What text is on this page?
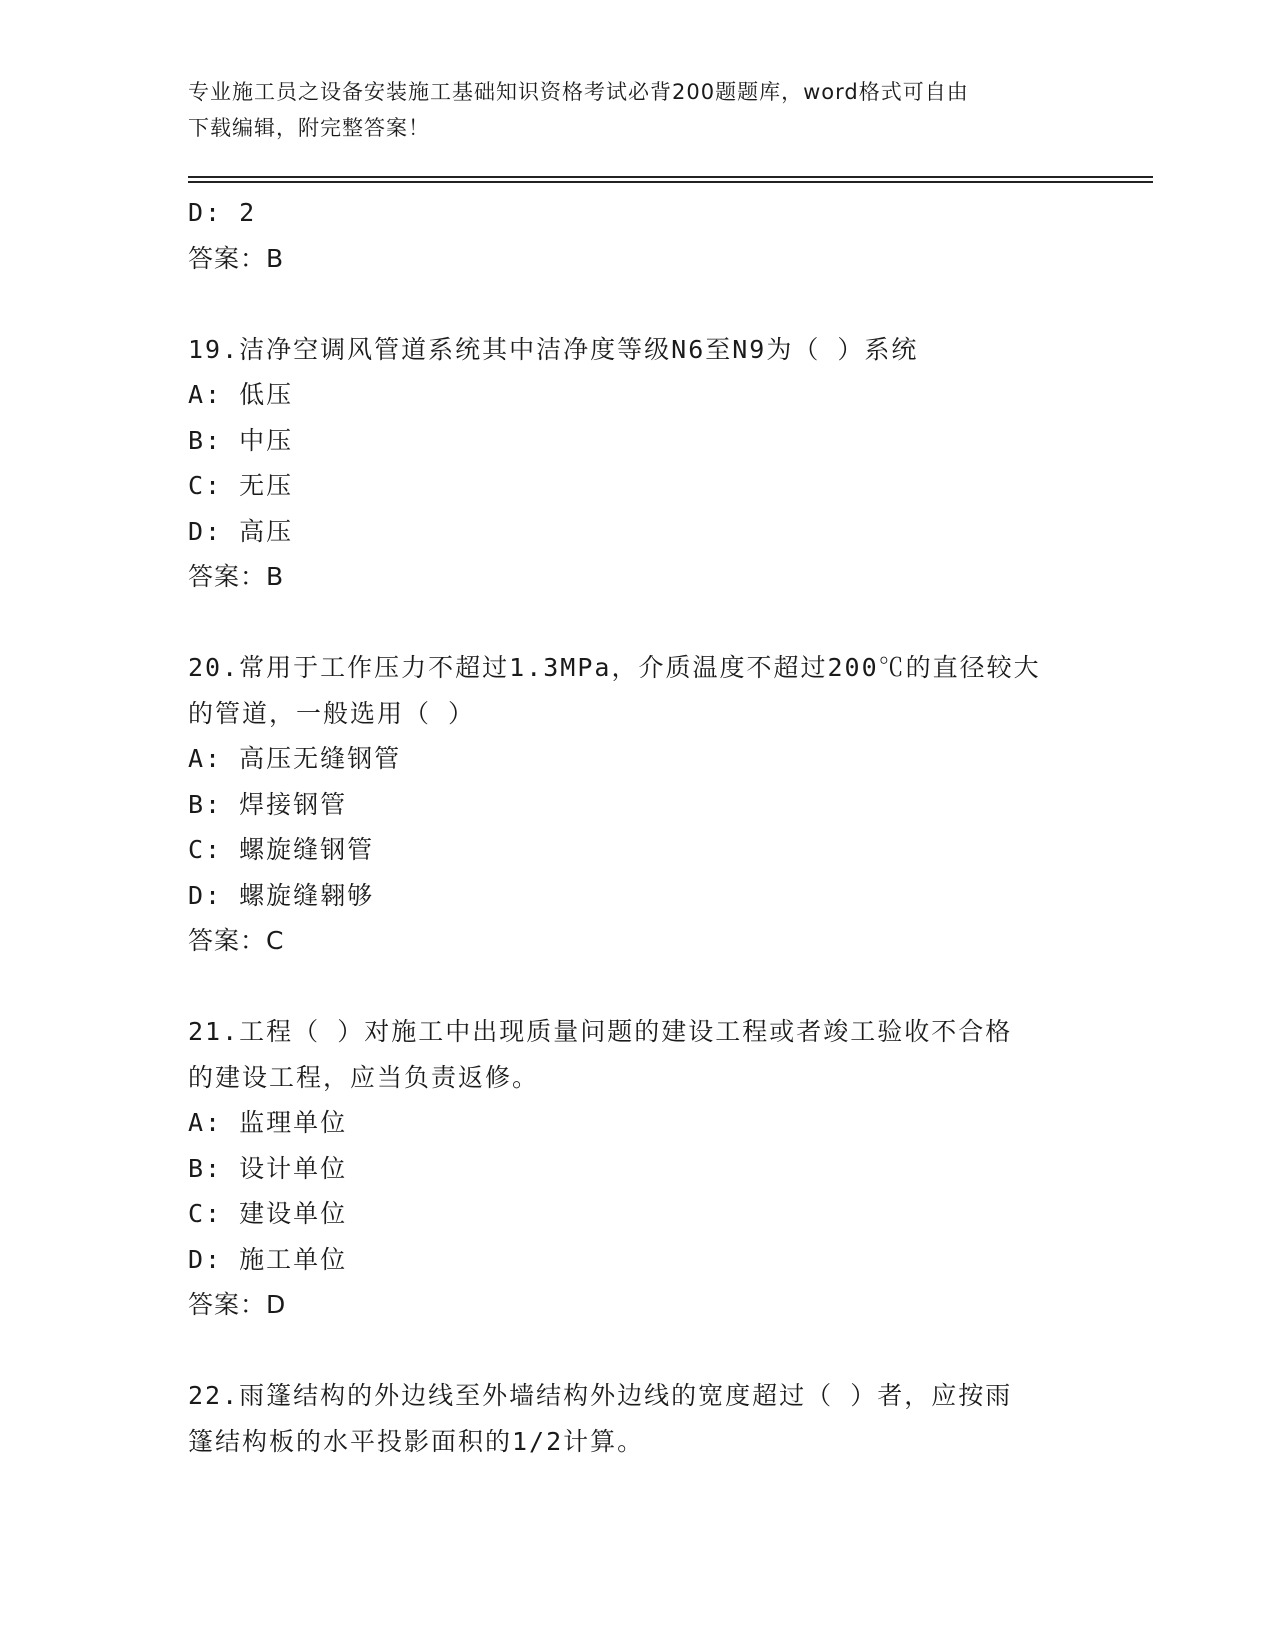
专业施工员之设备安装施工基础知识资格考试必背200题题库，word格式可自由
下载编辑，附完整答案！
D: 2
答案：B
19.洁净空调风管道系统其中洁净度等级N6至N9为（ ）系统
A: 低压
B: 中压
C: 无压
D: 高压
答案：B
20.常用于工作压力不超过1.3MPa，介质温度不超过200℃的直径较大
的管道，一般选用（ ）
A: 高压无缝钢管
B: 焊接钢管
C: 螺旋缝钢管
D: 螺旋缝翱够
答案：C
21.工程（ ）对施工中出现质量问题的建设工程或者竣工验收不合格
的建设工程，应当负责返修。
A: 监理单位
B: 设计单位
C: 建设单位
D: 施工单位
答案：D
22.雨篷结构的外边线至外墙结构外边线的宽度超过（ ）者，应按雨
篷结构板的水平投影面积的1/2计算。
